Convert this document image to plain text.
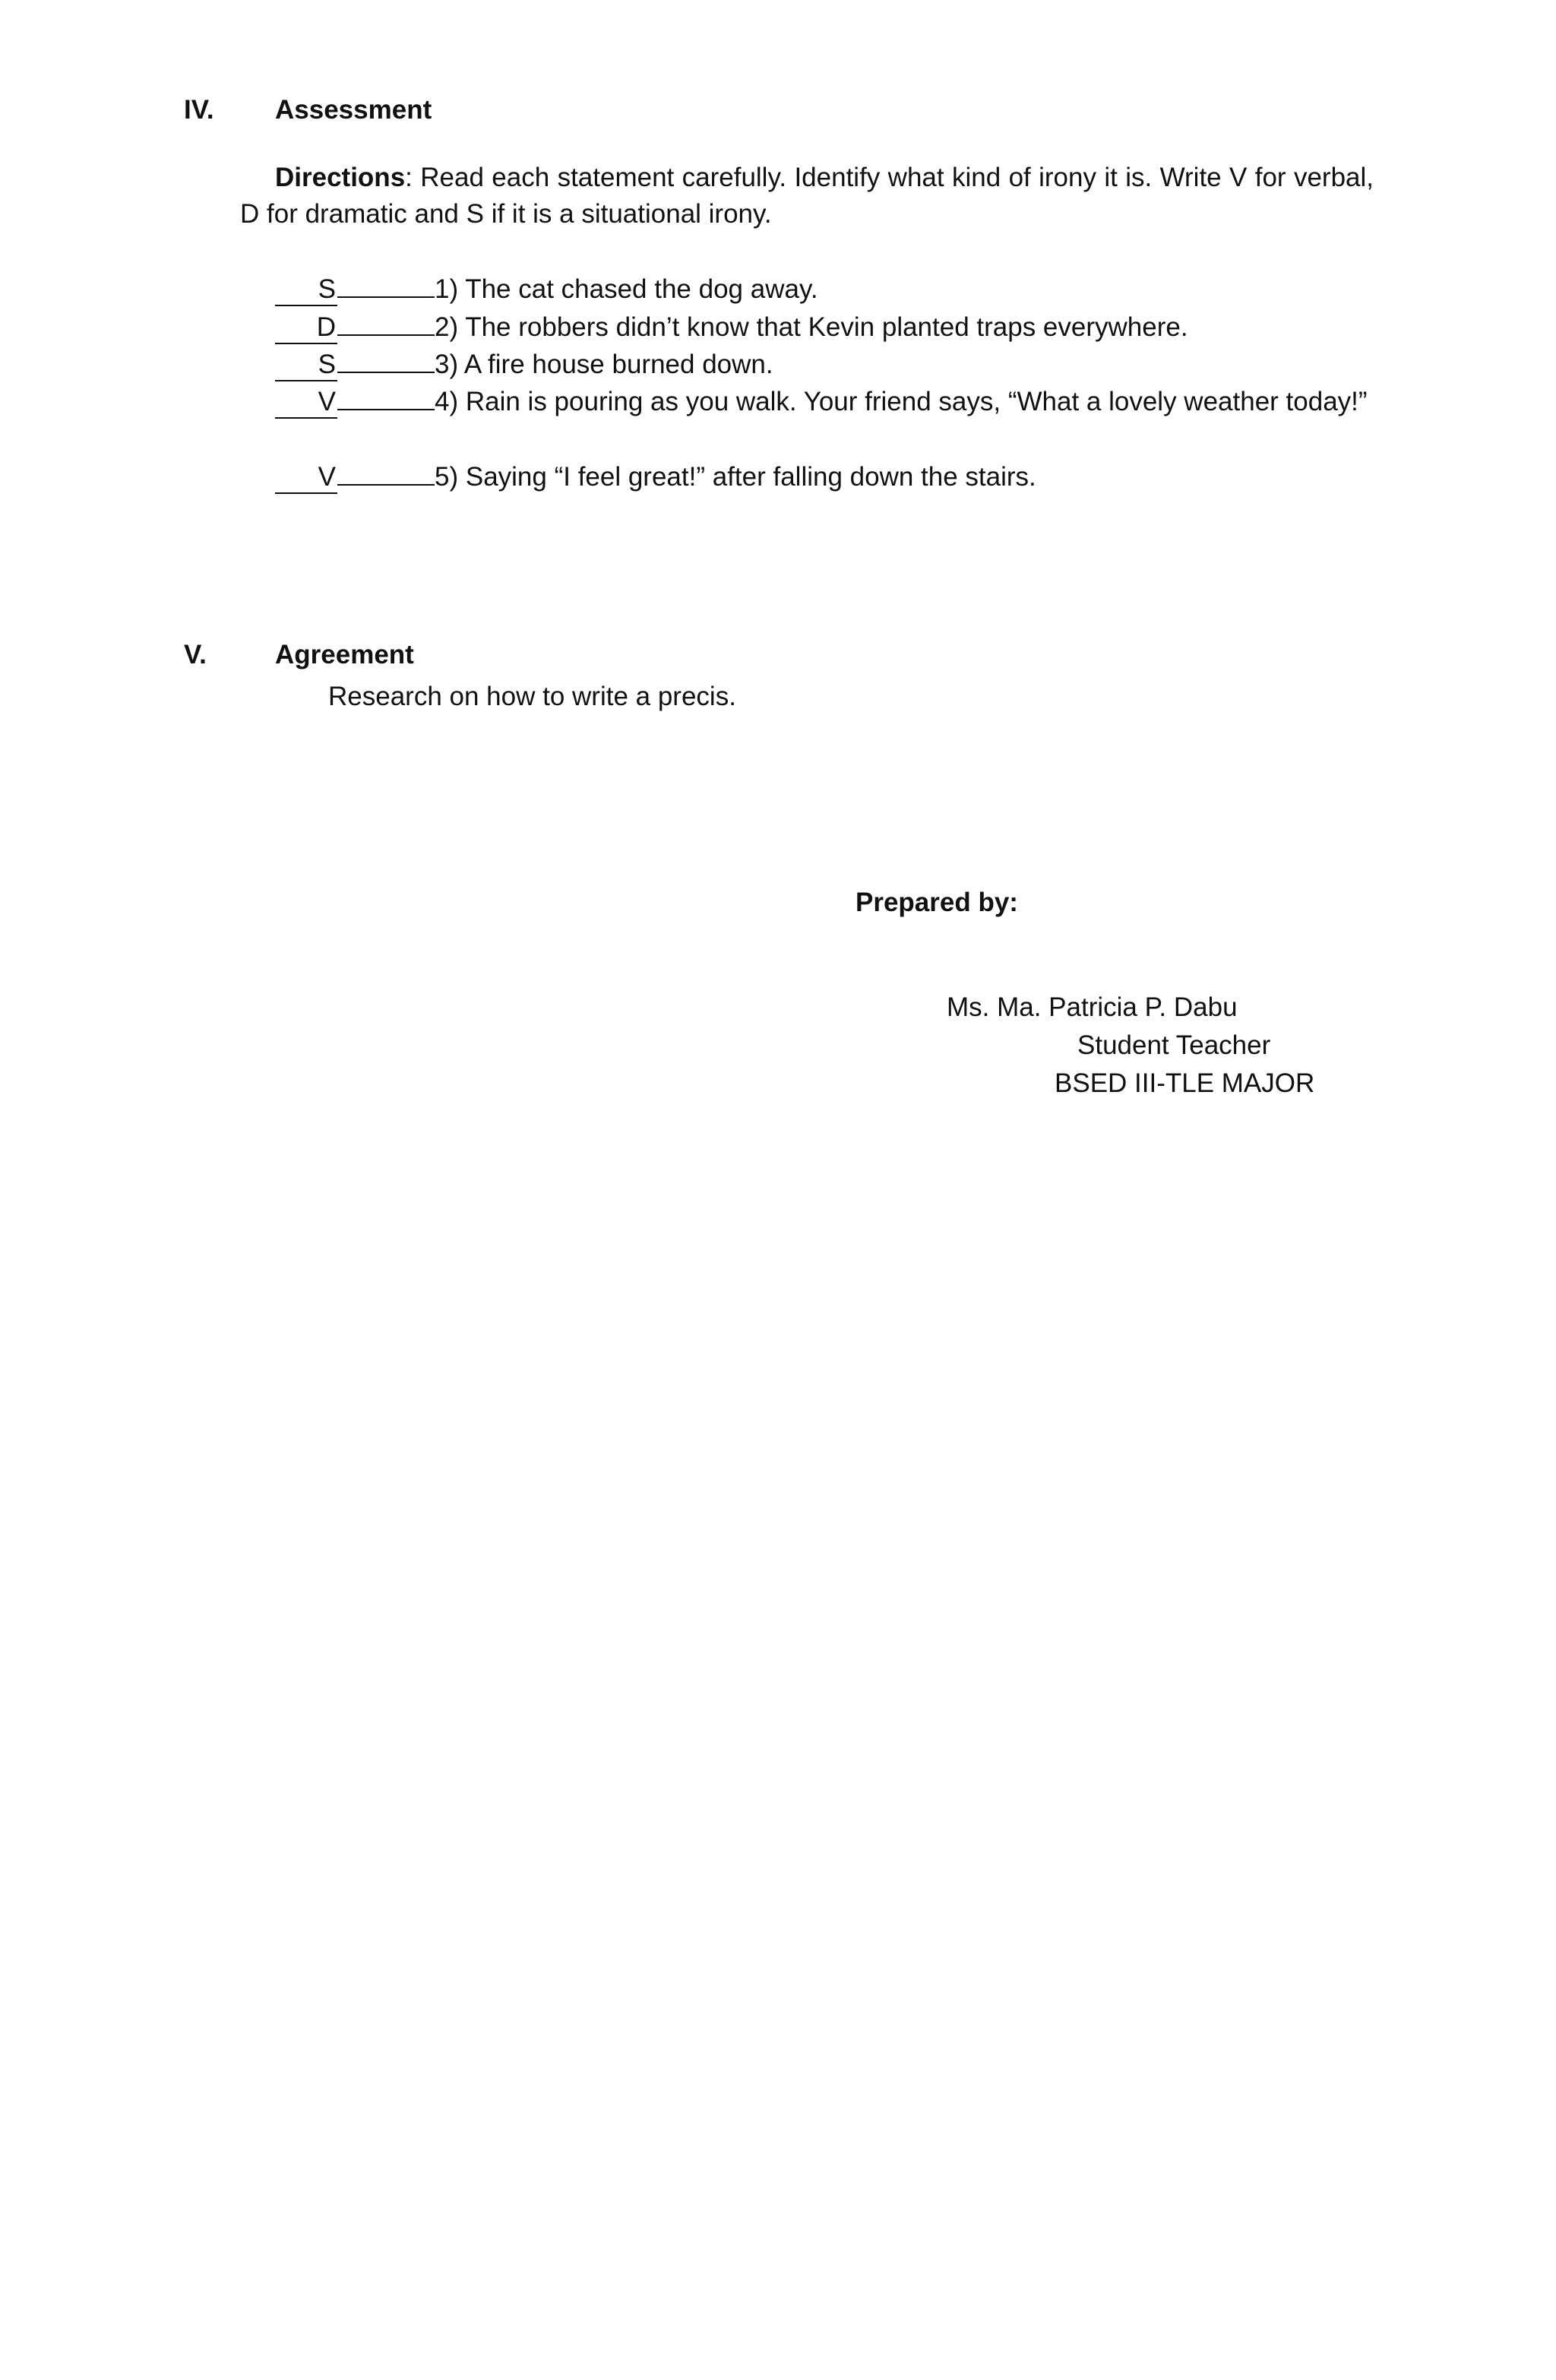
IV. Assessment
Directions: Read each statement carefully. Identify what kind of irony it is. Write V for verbal, D for dramatic and S if it is a situational irony.
S	1) The cat chased the dog away.
D	2) The robbers didn’t know that Kevin planted traps everywhere.
S	3) A fire house burned down.
V	4) Rain is pouring as you walk. Your friend says, “What a lovely weather today!”
V	5) Saying “I feel great!” after falling down the stairs.
V.	Agreement
Research on how to write a precis.
Prepared by:
Ms. Ma. Patricia P. Dabu
Student Teacher
BSED III-TLE MAJOR
